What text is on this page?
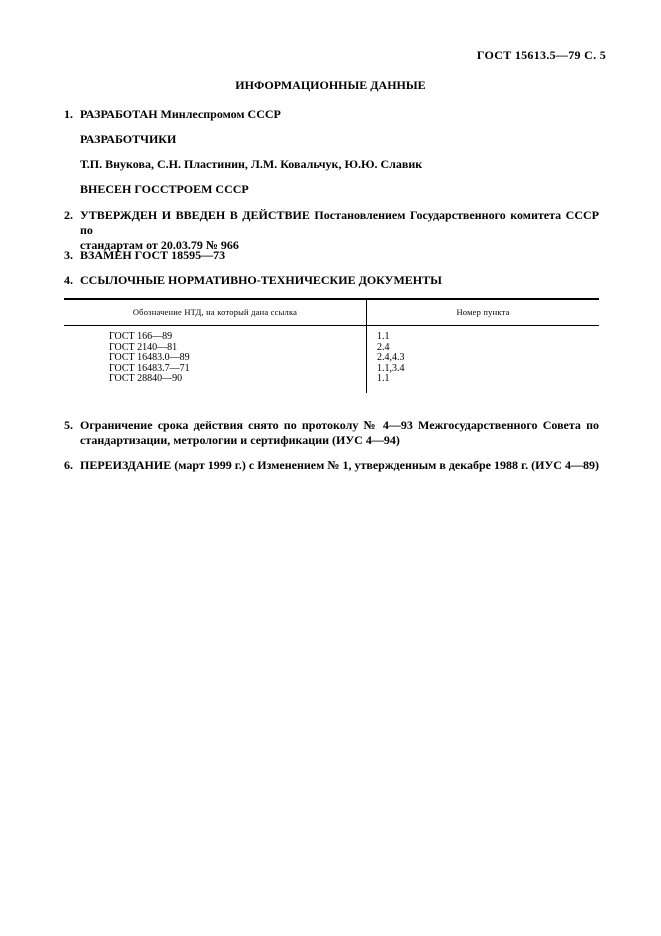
ГОСТ 15613.5—79 С. 5
ИНФОРМАЦИОННЫЕ ДАННЫЕ
1. РАЗРАБОТАН Минлеспромом СССР
РАЗРАБОТЧИКИ
Т.П. Внукова, С.Н. Пластинин, Л.М. Ковальчук, Ю.Ю. Славик
ВНЕСЕН ГОССТРОЕМ СССР
2. УТВЕРЖДЕН И ВВЕДЕН В ДЕЙСТВИЕ Постановлением Государственного комитета СССР по
стандартам от 20.03.79 № 966
3. ВЗАМЕН ГОСТ 18595—73
4. ССЫЛОЧНЫЕ НОРМАТИВНО-ТЕХНИЧЕСКИЕ ДОКУМЕНТЫ
Обозначение НТД, на который дана ссылка	Номер пункта
ГОСТ 166—89
ГОСТ 2140—81
ГОСТ 16483.0—89
ГОСТ 16483.7—71
ГОСТ 28840—90
1.1
2.4
2.4,4.3
1.1,3.4
1.1
5. Ограничение срока действия снято по протоколу № 4—93 Межгосударственного Совета по
стандартизации, метрологии и сертификации (ИУС 4—94)
6. ПЕРЕИЗДАНИЕ (март 1999 г.) с Изменением № 1, утвержденным в декабре 1988 г. (ИУС 4—89)
